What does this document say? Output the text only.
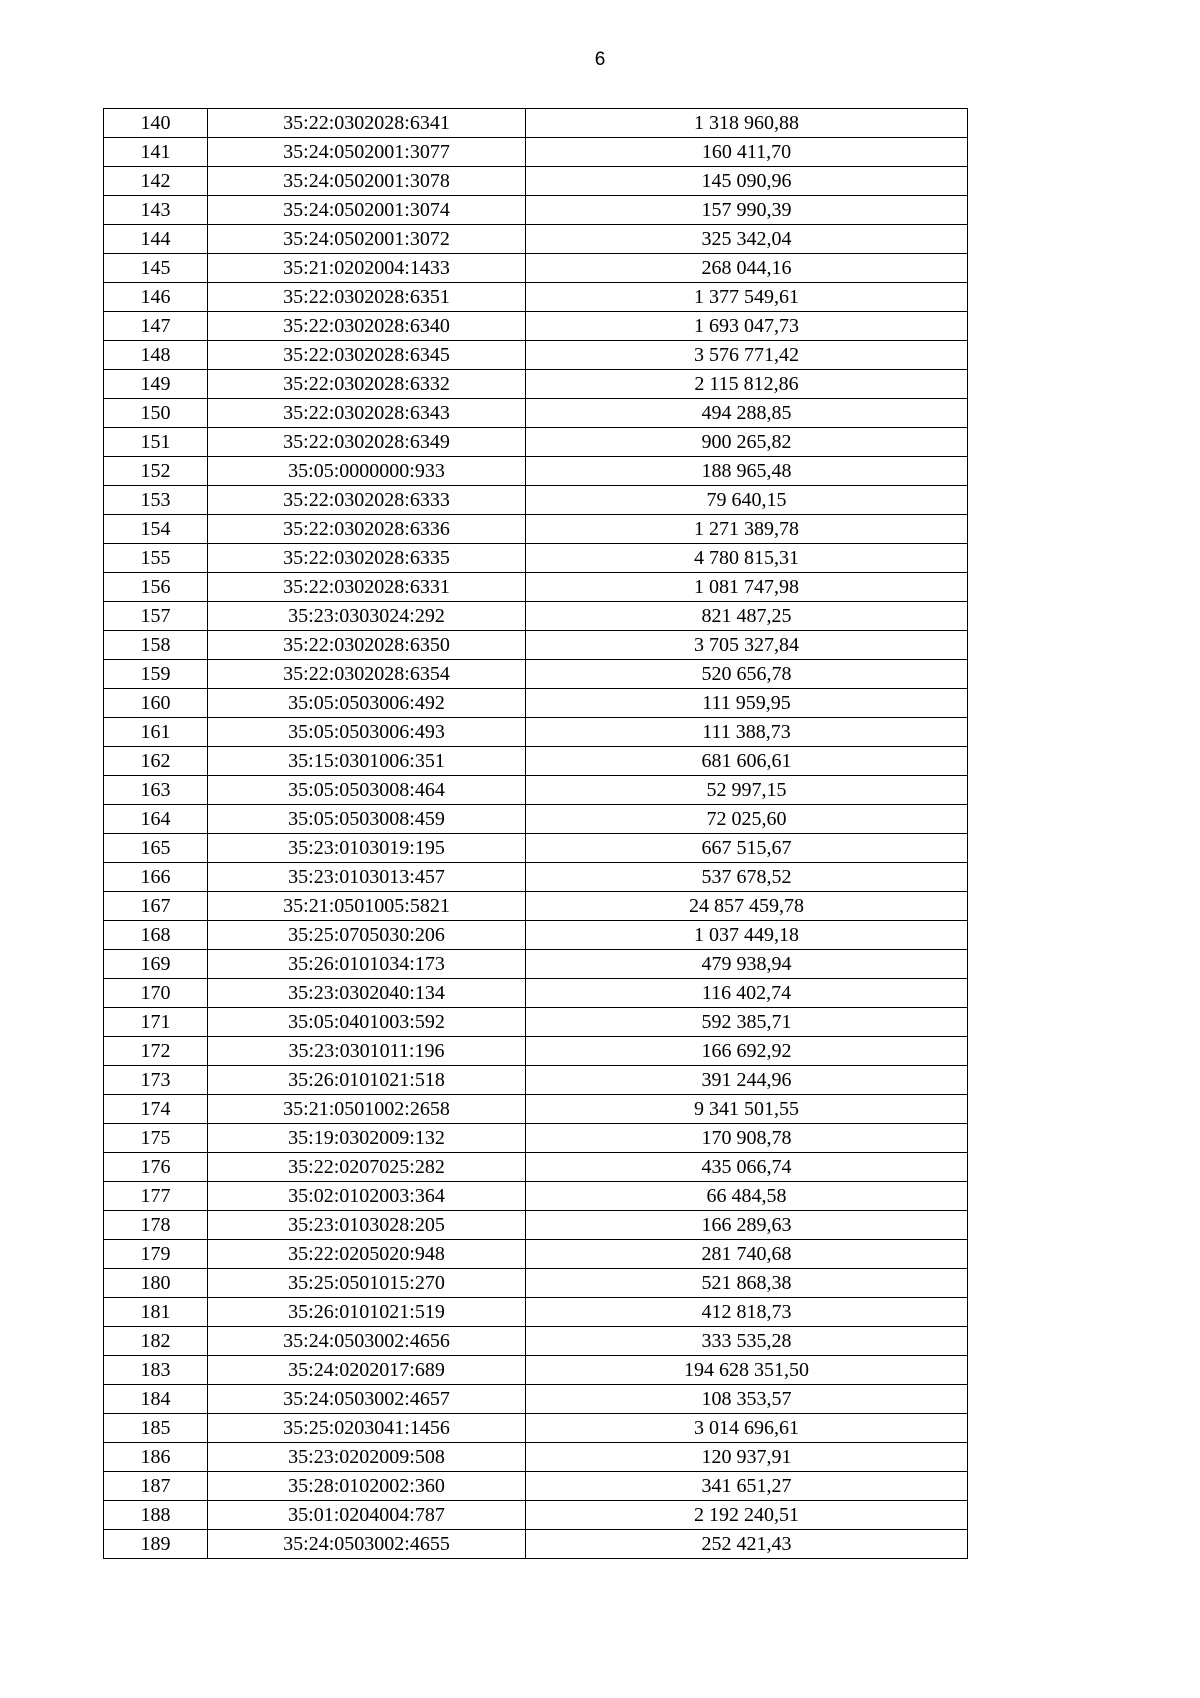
6
140	35:22:0302028:6341	1 318 960,88
141	35:24:0502001:3077	160 411,70
142	35:24:0502001:3078	145 090,96
143	35:24:0502001:3074	157 990,39
144	35:24:0502001:3072	325 342,04
145	35:21:0202004:1433	268 044,16
146	35:22:0302028:6351	1 377 549,61
147	35:22:0302028:6340	1 693 047,73
148	35:22:0302028:6345	3 576 771,42
149	35:22:0302028:6332	2 115 812,86
150	35:22:0302028:6343	494 288,85
151	35:22:0302028:6349	900 265,82
152	35:05:0000000:933	188 965,48
153	35:22:0302028:6333	79 640,15
154	35:22:0302028:6336	1 271 389,78
155	35:22:0302028:6335	4 780 815,31
156	35:22:0302028:6331	1 081 747,98
157	35:23:0303024:292	821 487,25
158	35:22:0302028:6350	3 705 327,84
159	35:22:0302028:6354	520 656,78
160	35:05:0503006:492	111 959,95
161	35:05:0503006:493	111 388,73
162	35:15:0301006:351	681 606,61
163	35:05:0503008:464	52 997,15
164	35:05:0503008:459	72 025,60
165	35:23:0103019:195	667 515,67
166	35:23:0103013:457	537 678,52
167	35:21:0501005:5821	24 857 459,78
168	35:25:0705030:206	1 037 449,18
169	35:26:0101034:173	479 938,94
170	35:23:0302040:134	116 402,74
171	35:05:0401003:592	592 385,71
172	35:23:0301011:196	166 692,92
173	35:26:0101021:518	391 244,96
174	35:21:0501002:2658	9 341 501,55
175	35:19:0302009:132	170 908,78
176	35:22:0207025:282	435 066,74
177	35:02:0102003:364	66 484,58
178	35:23:0103028:205	166 289,63
179	35:22:0205020:948	281 740,68
180	35:25:0501015:270	521 868,38
181	35:26:0101021:519	412 818,73
182	35:24:0503002:4656	333 535,28
183	35:24:0202017:689	194 628 351,50
184	35:24:0503002:4657	108 353,57
185	35:25:0203041:1456	3 014 696,61
186	35:23:0202009:508	120 937,91
187	35:28:0102002:360	341 651,27
188	35:01:0204004:787	2 192 240,51
189	35:24:0503002:4655	252 421,43
